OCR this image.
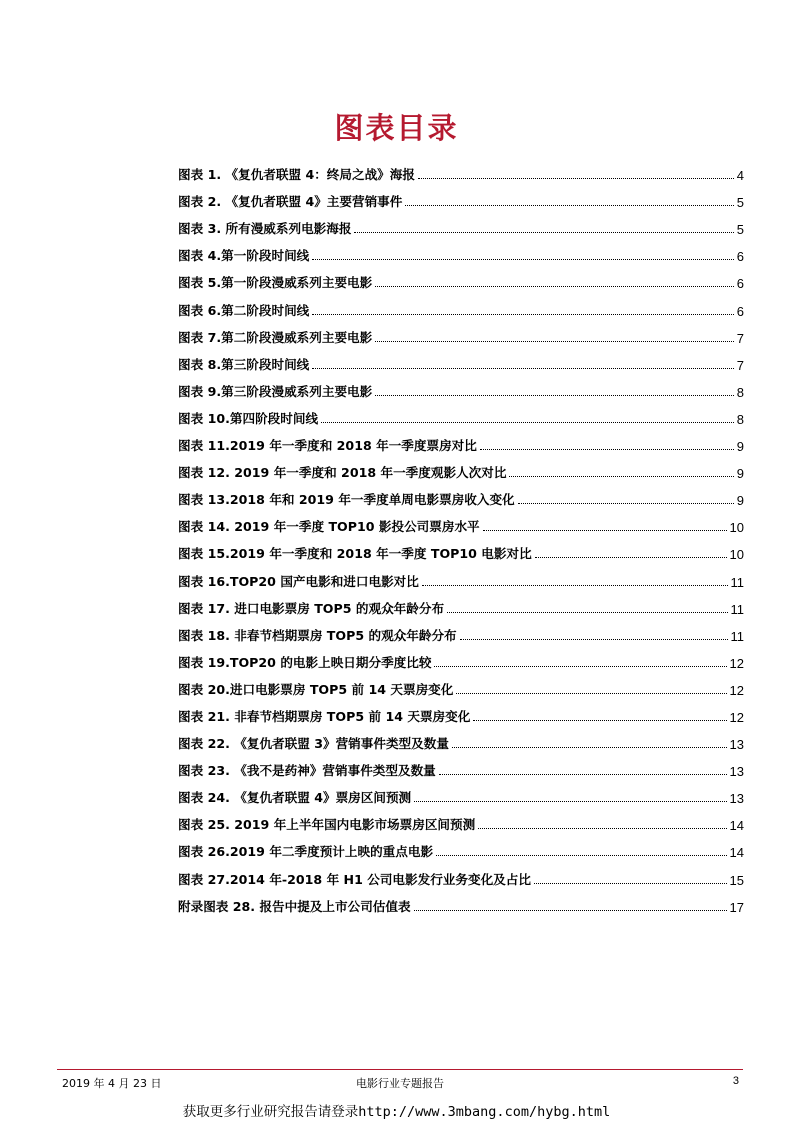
图表目录
图表 1. 《复仇者联盟 4：终局之战》海报	4
图表 2. 《复仇者联盟 4》主要营销事件	5
图表 3. 所有漫威系列电影海报	5
图表 4.第一阶段时间线	6
图表 5.第一阶段漫威系列主要电影	6
图表 6.第二阶段时间线	6
图表 7.第二阶段漫威系列主要电影	7
图表 8.第三阶段时间线	7
图表 9.第三阶段漫威系列主要电影	8
图表 10.第四阶段时间线	8
图表 11.2019 年一季度和 2018 年一季度票房对比	9
图表 12. 2019 年一季度和 2018 年一季度观影人次对比	9
图表 13.2018 年和 2019 年一季度单周电影票房收入变化	9
图表 14. 2019 年一季度 TOP10 影投公司票房水平	10
图表 15.2019 年一季度和 2018 年一季度 TOP10 电影对比	10
图表 16.TOP20 国产电影和进口电影对比	11
图表 17. 进口电影票房 TOP5 的观众年龄分布	11
图表 18. 非春节档期票房 TOP5 的观众年龄分布	11
图表 19.TOP20 的电影上映日期分季度比较	12
图表 20.进口电影票房 TOP5 前 14 天票房变化	12
图表 21. 非春节档期票房 TOP5 前 14 天票房变化	12
图表 22. 《复仇者联盟 3》营销事件类型及数量	13
图表 23. 《我不是药神》营销事件类型及数量	13
图表 24. 《复仇者联盟 4》票房区间预测	13
图表 25. 2019 年上半年国内电影市场票房区间预测	14
图表 26.2019 年二季度预计上映的重点电影	14
图表 27.2014 年-2018 年 H1 公司电影发行业务变化及占比	15
附录图表 28. 报告中提及上市公司估值表	17
2019 年 4 月 23 日	电影行业专题报告	3
获取更多行业研究报告请登录http://www.3mbang.com/hybg.html
